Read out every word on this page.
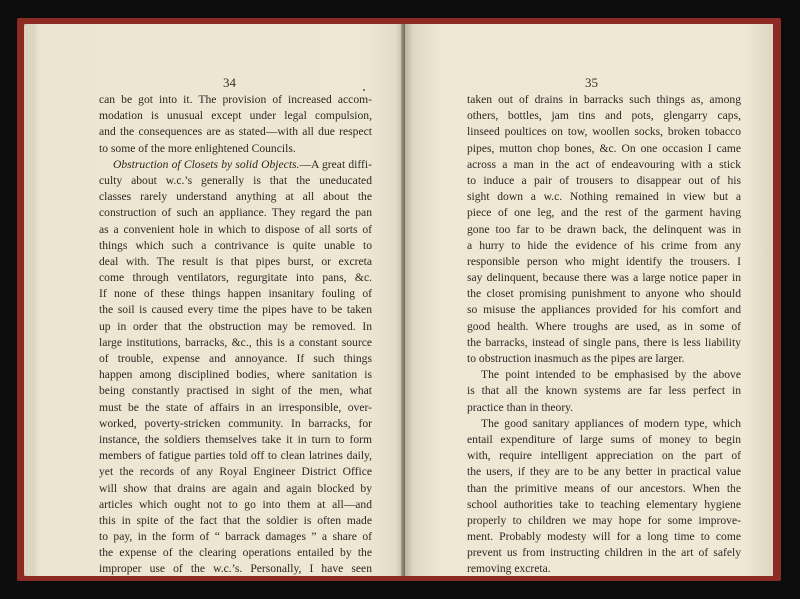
34
can be got into it. The provision of increased accom-
modation is unusual except under legal compulsion,
and the consequences are as stated—with all due respect
to some of the more enlightened Councils.
Obstruction of Closets by solid Objects.—A great diffi-
culty about w.c.’s generally is that the uneducated
classes rarely understand anything at all about the
construction of such an appliance. They regard the pan
as a convenient hole in which to dispose of all sorts of
things which such a contrivance is quite unable to
deal with. The result is that pipes burst, or excreta
come through ventilators, regurgitate into pans, &c.
If none of these things happen insanitary fouling of
the soil is caused every time the pipes have to be taken
up in order that the obstruction may be removed. In
large institutions, barracks, &c., this is a constant source
of trouble, expense and annoyance. If such things
happen among disciplined bodies, where sanitation is
being constantly practised in sight of the men, what
must be the state of affairs in an irresponsible, over-
worked, poverty-stricken community. In barracks, for
instance, the soldiers themselves take it in turn to form
members of fatigue parties told off to clean latrines daily,
yet the records of any Royal Engineer District Office
will show that drains are again and again blocked by
articles which ought not to go into them at all—and
this in spite of the fact that the soldier is often made
to pay, in the form of “ barrack damages ” a share of
the expense of the clearing operations entailed by the
improper use of the w.c.’s. Personally, I have seen
35
taken out of drains in barracks such things as, among
others, bottles, jam tins and pots, glengarry caps,
linseed poultices on tow, woollen socks, broken tobacco
pipes, mutton chop bones, &c. On one occasion I came
across a man in the act of endeavouring with a stick
to induce a pair of trousers to disappear out of his
sight down a w.c. Nothing remained in view but a
piece of one leg, and the rest of the garment having
gone too far to be drawn back, the delinquent was in
a hurry to hide the evidence of his crime from any
responsible person who might identify the trousers. I
say delinquent, because there was a large notice paper in
the closet promising punishment to anyone who should
so misuse the appliances provided for his comfort and
good health. Where troughs are used, as in some of
the barracks, instead of single pans, there is less liability
to obstruction inasmuch as the pipes are larger.
The point intended to be emphasised by the above
is that all the known systems are far less perfect in
practice than in theory.
The good sanitary appliances of modern type, which
entail expenditure of large sums of money to begin
with, require intelligent appreciation on the part of
the users, if they are to be any better in practical value
than the primitive means of our ancestors. When the
school authorities take to teaching elementary hygiene
properly to children we may hope for some improve-
ment. Probably modesty will for a long time to come
prevent us from instructing children in the art of safely
removing excreta.
